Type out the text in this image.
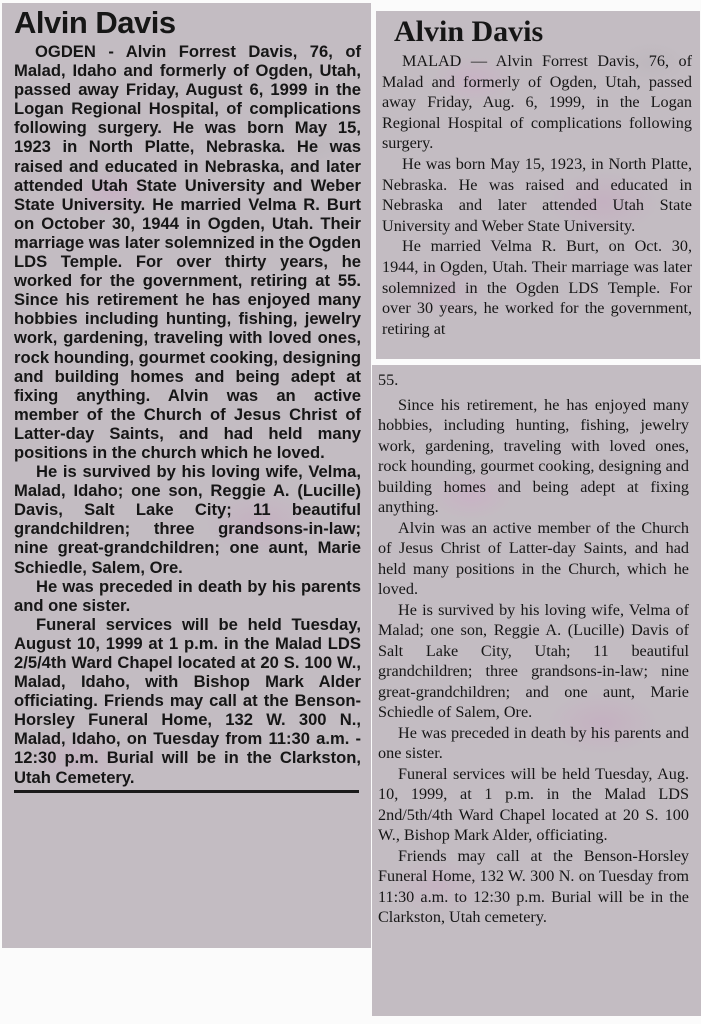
Alvin Davis

OGDEN - Alvin Forrest Davis, 76, of Malad, Idaho and formerly of Ogden, Utah, passed away Friday, August 6, 1999 in the Logan Regional Hospital, of complications following surgery. He was born May 15, 1923 in North Platte, Nebraska. He was raised and educated in Nebraska, and later attended Utah State University and Weber State University. He married Velma R. Burt on October 30, 1944 in Ogden, Utah. Their marriage was later solemnized in the Ogden LDS Temple. For over thirty years, he worked for the government, retiring at 55. Since his retirement he has enjoyed many hobbies including hunting, fishing, jewelry work, gardening, traveling with loved ones, rock hounding, gourmet cooking, designing and building homes and being adept at fixing anything. Alvin was an active member of the Church of Jesus Christ of Latter-day Saints, and had held many positions in the church which he loved.

He is survived by his loving wife, Velma, Malad, Idaho; one son, Reggie A. (Lucille) Davis, Salt Lake City; 11 beautiful grandchildren; three grandsons-in-law; nine great-grandchildren; one aunt, Marie Schiedle, Salem, Ore.

He was preceded in death by his parents and one sister.

Funeral services will be held Tuesday, August 10, 1999 at 1 p.m. in the Malad LDS 2/5/4th Ward Chapel located at 20 S. 100 W., Malad, Idaho, with Bishop Mark Alder officiating. Friends may call at the Benson-Horsley Funeral Home, 132 W. 300 N., Malad, Idaho, on Tuesday from 11:30 a.m. - 12:30 p.m. Burial will be in the Clarkston, Utah Cemetery.

Alvin Davis

MALAD — Alvin Forrest Davis, 76, of Malad and formerly of Ogden, Utah, passed away Friday, Aug. 6, 1999, in the Logan Regional Hospital of complications following surgery.

He was born May 15, 1923, in North Platte, Nebraska. He was raised and educated in Nebraska and later attended Utah State University and Weber State University.

He married Velma R. Burt, on Oct. 30, 1944, in Ogden, Utah. Their marriage was later solemnized in the Ogden LDS Temple. For over 30 years, he worked for the government, retiring at

55.

Since his retirement, he has enjoyed many hobbies, including hunting, fishing, jewelry work, gardening, traveling with loved ones, rock hounding, gourmet cooking, designing and building homes and being adept at fixing anything.

Alvin was an active member of the Church of Jesus Christ of Latter-day Saints, and had held many positions in the Church, which he loved.

He is survived by his loving wife, Velma of Malad; one son, Reggie A. (Lucille) Davis of Salt Lake City, Utah; 11 beautiful grandchildren; three grandsons-in-law; nine great-grandchildren; and one aunt, Marie Schiedle of Salem, Ore.

He was preceded in death by his parents and one sister.

Funeral services will be held Tuesday, Aug. 10, 1999, at 1 p.m. in the Malad LDS 2nd/5th/4th Ward Chapel located at 20 S. 100 W., Bishop Mark Alder, officiating.

Friends may call at the Benson-Horsley Funeral Home, 132 W. 300 N. on Tuesday from 11:30 a.m. to 12:30 p.m. Burial will be in the Clarkston, Utah cemetery.
